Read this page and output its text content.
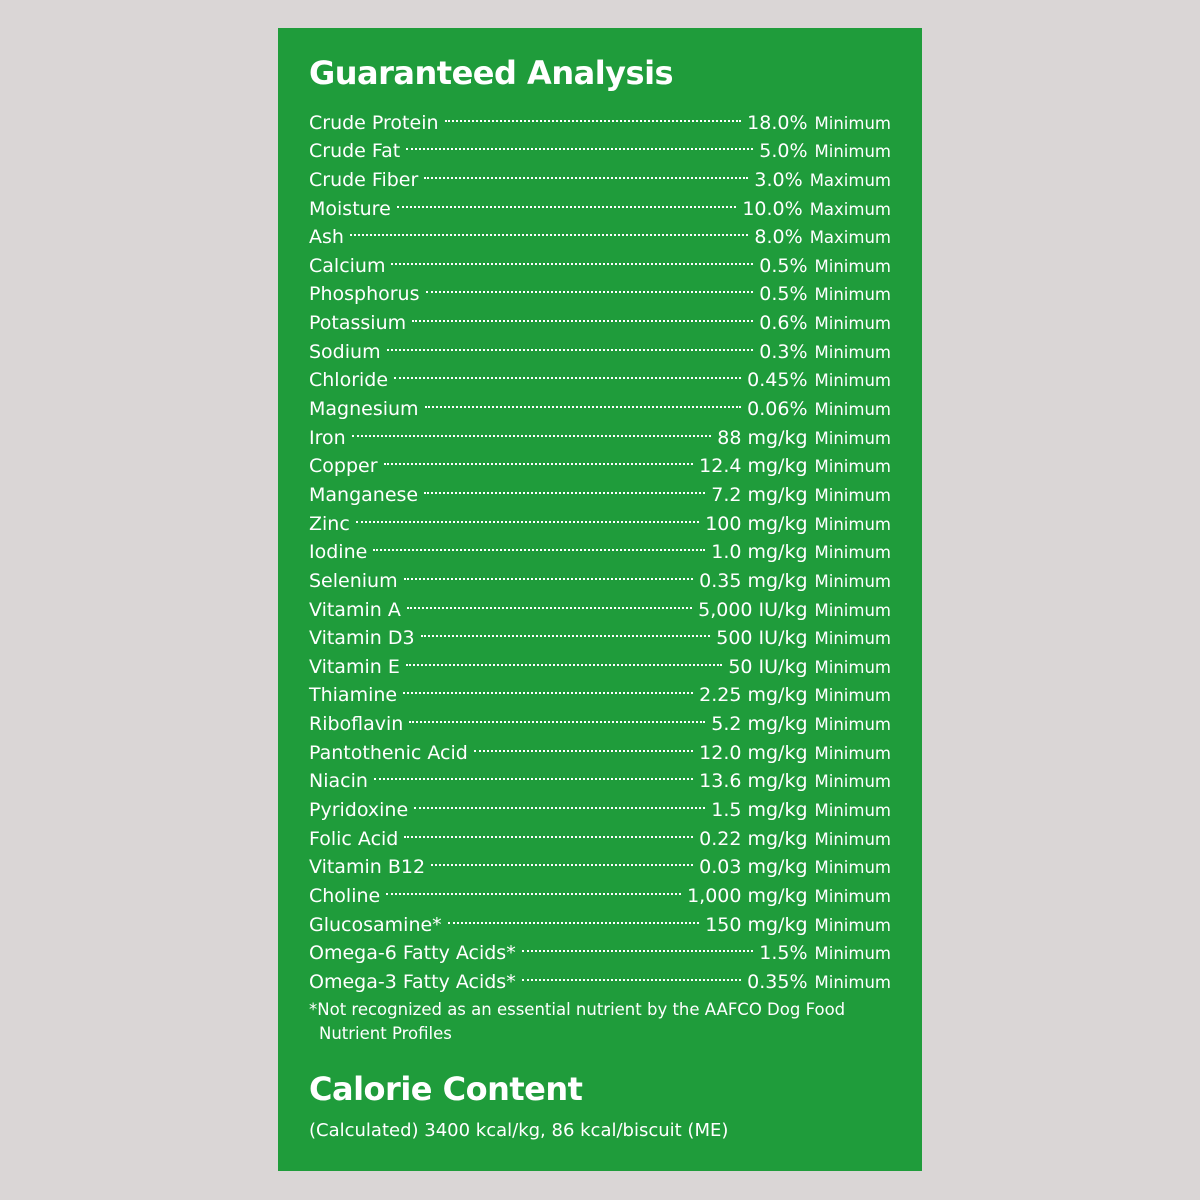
Guaranteed Analysis
Crude Protein	18.0% Minimum
Crude Fat	5.0% Minimum
Crude Fiber	3.0% Maximum
Moisture	10.0% Maximum
Ash	8.0% Maximum
Calcium	0.5% Minimum
Phosphorus	0.5% Minimum
Potassium	0.6% Minimum
Sodium	0.3% Minimum
Chloride	0.45% Minimum
Magnesium	0.06% Minimum
Iron	88 mg/kg Minimum
Copper	12.4 mg/kg Minimum
Manganese	7.2 mg/kg Minimum
Zinc	100 mg/kg Minimum
Iodine	1.0 mg/kg Minimum
Selenium	0.35 mg/kg Minimum
Vitamin A	5,000 IU/kg Minimum
Vitamin D3	500 IU/kg Minimum
Vitamin E	50 IU/kg Minimum
Thiamine	2.25 mg/kg Minimum
Riboflavin	5.2 mg/kg Minimum
Pantothenic Acid	12.0 mg/kg Minimum
Niacin	13.6 mg/kg Minimum
Pyridoxine	1.5 mg/kg Minimum
Folic Acid	0.22 mg/kg Minimum
Vitamin B12	0.03 mg/kg Minimum
Choline	1,000 mg/kg Minimum
Glucosamine*	150 mg/kg Minimum
Omega-6 Fatty Acids*	1.5% Minimum
Omega-3 Fatty Acids*	0.35% Minimum
*Not recognized as an essential nutrient by the AAFCO Dog Food
Nutrient Profiles
Calorie Content
(Calculated) 3400 kcal/kg, 86 kcal/biscuit (ME)
